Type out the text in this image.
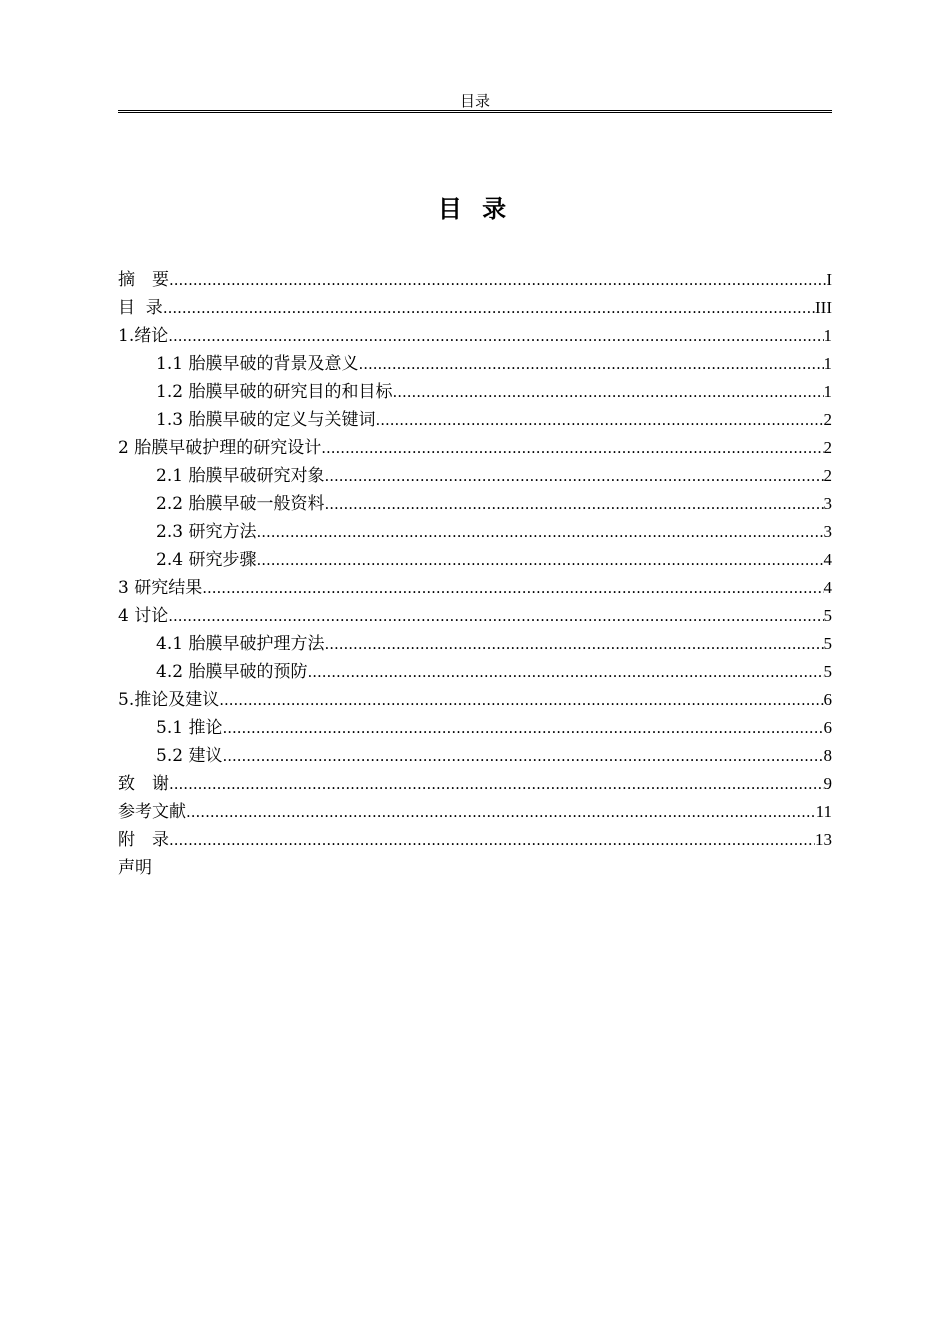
目录
目 录
摘　要 .....	I
目  录 .....	III
1.绪论 .....	1
1.1 胎膜早破的背景及意义 .....	1
1.2 胎膜早破的研究目的和目标 .....	1
1.3 胎膜早破的定义与关键词 .....	2
2 胎膜早破护理的研究设计 .....	2
2.1 胎膜早破研究对象 .....	2
2.2 胎膜早破一般资料 .....	3
2.3 研究方法 .....	3
2.4 研究步骤 .....	4
3 研究结果 .....	4
4 讨论 .....	5
4.1 胎膜早破护理方法 .....	5
4.2 胎膜早破的预防 .....	5
5.推论及建议 .....	6
5.1 推论 .....	6
5.2 建议 .....	8
致　谢 .....	9
参考文献 .....	11
附　录 .....	13
声明
